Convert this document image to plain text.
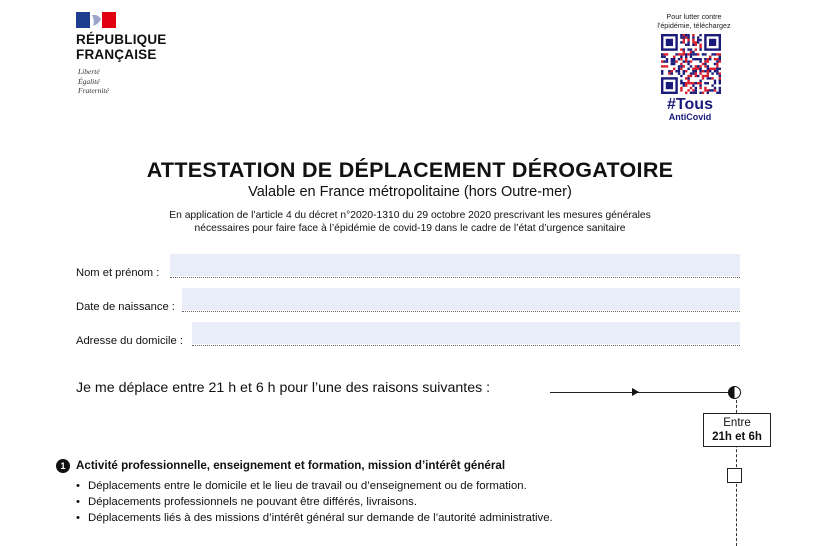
RÉPUBLIQUE
FRANÇAISE
Liberté
Égalité
Fraternité
Pour lutter contre
l'épidémie, téléchargez
#Tous
AntiCovid
ATTESTATION DE DÉPLACEMENT DÉROGATOIRE
Valable en France métropolitaine (hors Outre-mer)
En application de l’article 4 du décret n°2020-1310 du 29 octobre 2020 prescrivant les mesures générales
nécessaires pour faire face à l’épidémie de covid-19 dans le cadre de l’état d’urgence sanitaire
Nom et prénom :
Date de naissance :
Adresse du domicile :
Je me déplace entre 21 h et 6 h pour l’une des raisons suivantes :
Entre
21h et 6h
1 Activité professionnelle, enseignement et formation, mission d’intérêt général
• Déplacements entre le domicile et le lieu de travail ou d’enseignement ou de formation.
• Déplacements professionnels ne pouvant être différés, livraisons.
• Déplacements liés à des missions d’intérêt général sur demande de l’autorité administrative.
